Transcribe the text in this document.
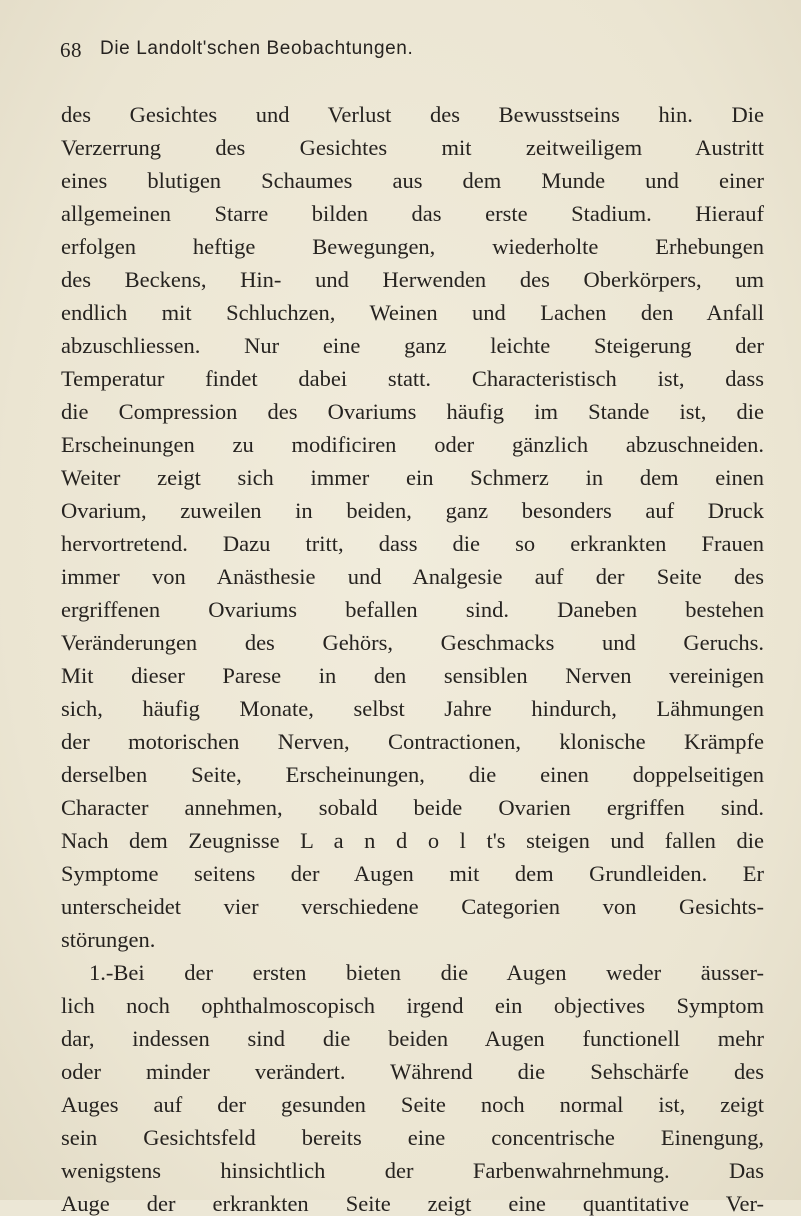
68 Die Landolt'schen Beobachtungen.
des Gesichtes und Verlust des Bewusstseins hin. Die
Verzerrung des Gesichtes mit zeitweiligem Austritt
eines blutigen Schaumes aus dem Munde und einer
allgemeinen Starre bilden das erste Stadium. Hierauf
erfolgen heftige Bewegungen, wiederholte Erhebungen
des Beckens, Hin- und Herwenden des Oberkörpers, um
endlich mit Schluchzen, Weinen und Lachen den Anfall
abzuschliessen. Nur eine ganz leichte Steigerung der
Temperatur findet dabei statt. Characteristisch ist, dass
die Compression des Ovariums häufig im Stande ist, die
Erscheinungen zu modificiren oder gänzlich abzuschneiden.
Weiter zeigt sich immer ein Schmerz in dem einen
Ovarium, zuweilen in beiden, ganz besonders auf Druck
hervortretend. Dazu tritt, dass die so erkrankten Frauen
immer von Anästhesie und Analgesie auf der Seite des
ergriffenen Ovariums befallen sind. Daneben bestehen
Veränderungen des Gehörs, Geschmacks und Geruchs.
Mit dieser Parese in den sensiblen Nerven vereinigen
sich, häufig Monate, selbst Jahre hindurch, Lähmungen
der motorischen Nerven, Contractionen, klonische Krämpfe
derselben Seite, Erscheinungen, die einen doppelseitigen
Character annehmen, sobald beide Ovarien ergriffen sind.
Nach dem Zeugnisse L a n d o l t's steigen und fallen die
Symptome seitens der Augen mit dem Grundleiden. Er
unterscheidet vier verschiedene Categorien von Gesichts-
störungen.
1.-Bei der ersten bieten die Augen weder äusser-
lich noch ophthalmoscopisch irgend ein objectives Symptom
dar, indessen sind die beiden Augen functionell mehr
oder minder verändert. Während die Sehschärfe des
Auges auf der gesunden Seite noch normal ist, zeigt
sein Gesichtsfeld bereits eine concentrische Einengung,
wenigstens hinsichtlich der Farbenwahrnehmung. Das
Auge der erkrankten Seite zeigt eine quantitative Ver-
